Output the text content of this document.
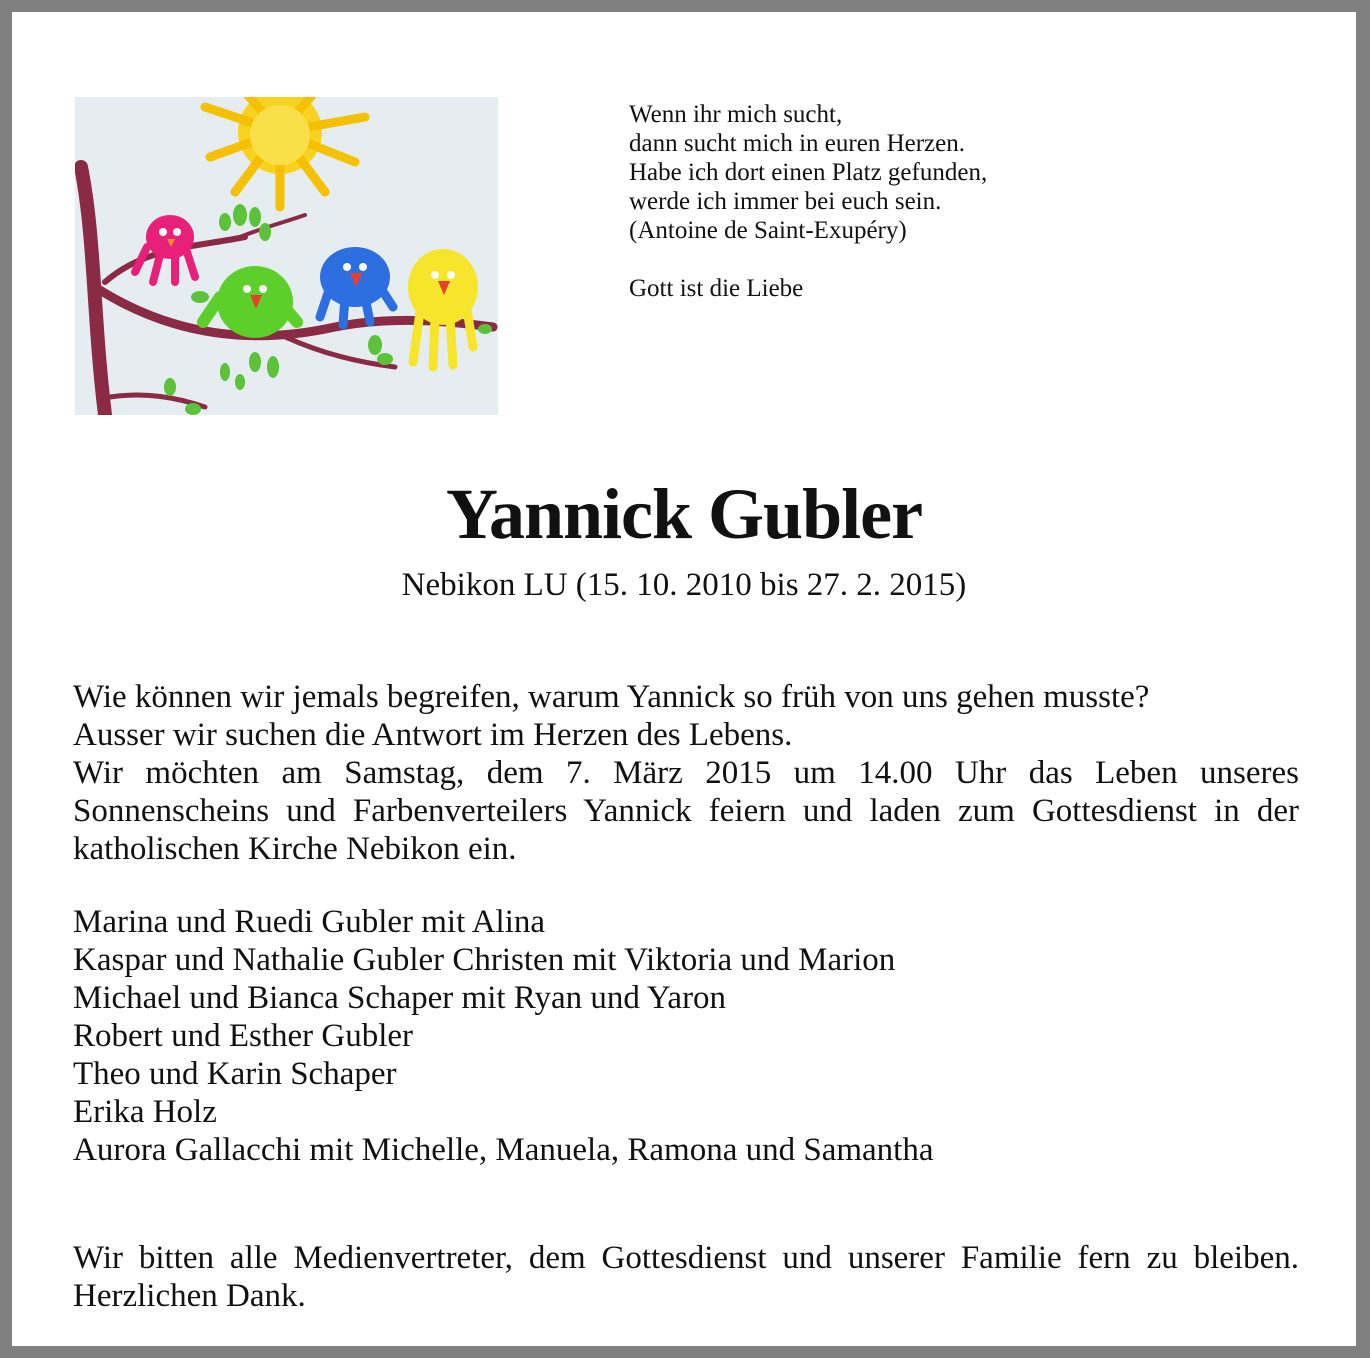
Wenn ihr mich sucht,
dann sucht mich in euren Herzen.
Habe ich dort einen Platz gefunden,
werde ich immer bei euch sein.
(Antoine de Saint-Exupéry)
Gott ist die Liebe
Yannick Gubler
Nebikon LU (15. 10. 2010 bis 27. 2. 2015)

Wie können wir jemals begreifen, warum Yannick so früh von uns gehen musste?

Ausser wir suchen die Antwort im Herzen des Lebens.

Wir möchten am Samstag, dem 7. März 2015 um 14.00 Uhr das Leben unseres Sonnenscheins und Farbenverteilers Yannick feiern und laden zum Gottesdienst in der katholischen Kirche Nebikon ein.

Marina und Ruedi Gubler mit Alina
Kaspar und Nathalie Gubler Christen mit Viktoria und Marion
Michael und Bianca Schaper mit Ryan und Yaron
Robert und Esther Gubler
Theo und Karin Schaper
Erika Holz
Aurora Gallacchi mit Michelle, Manuela, Ramona und Samantha

Wir bitten alle Medienvertreter, dem Gottesdienst und unserer Familie fern zu bleiben. Herzlichen Dank.
